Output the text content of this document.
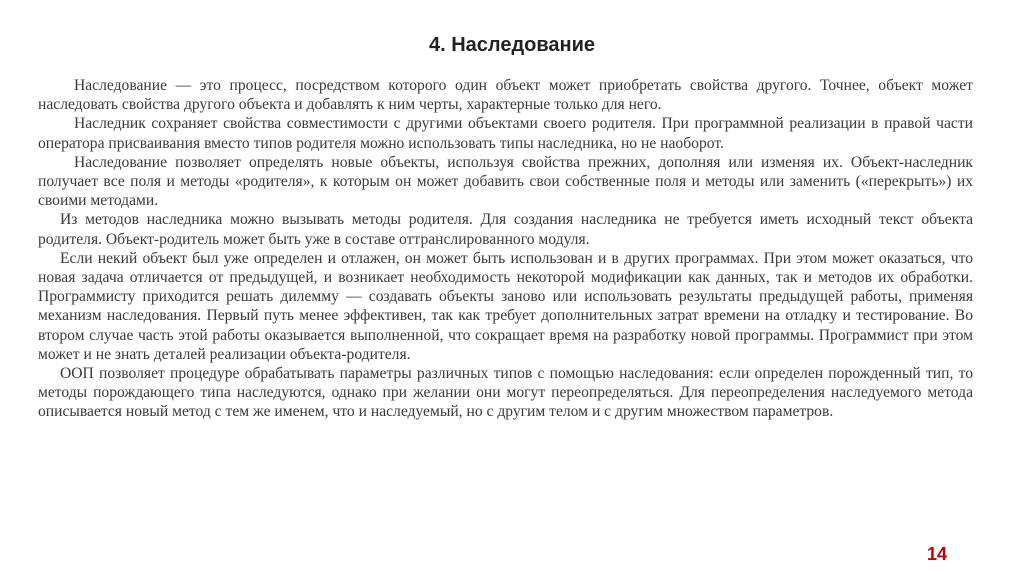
4. Наследование

Наследование — это процесс, посредством которого один объект может приобретать свойства другого. Точнее, объект может наследовать свойства другого объекта и добавлять к ним черты, характерные только для него.

Наследник сохраняет свойства совместимости с другими объектами своего родителя. При программной реализации в правой части оператора присваивания вместо типов родителя можно использовать типы наследника, но не наоборот.

Наследование позволяет определять новые объекты, используя свойства прежних, дополняя или изменяя их. Объект-наследник получает все поля и методы «родителя», к которым он может добавить свои собственные поля и методы или заменить («перекрыть») их своими методами.

Из методов наследника можно вызывать методы родителя. Для создания наследника не требуется иметь исходный текст объекта родителя. Объект-родитель может быть уже в составе оттранслированного модуля.

Если некий объект был уже определен и отлажен, он может быть использован и в других программах. При этом может оказаться, что новая задача отличается от предыдущей, и возникает необходимость некоторой модификации как данных, так и методов их обработки. Программисту приходится решать дилемму — создавать объекты заново или использовать результаты предыдущей работы, применяя механизм наследования. Первый путь менее эффективен, так как требует дополнительных затрат времени на отладку и тестирование. Во втором случае часть этой работы оказывается выполненной, что сокращает время на разработку новой программы. Программист при этом может и не знать деталей реализации объекта-родителя.

ООП позволяет процедуре обрабатывать параметры различных типов с помощью наследования: если определен порожденный тип, то методы порождающего типа наследуются, однако при желании они могут переопределяться. Для переопределения наследуемого метода описывается новый метод с тем же именем, что и наследуемый, но с другим телом и с другим множеством параметров.

14
